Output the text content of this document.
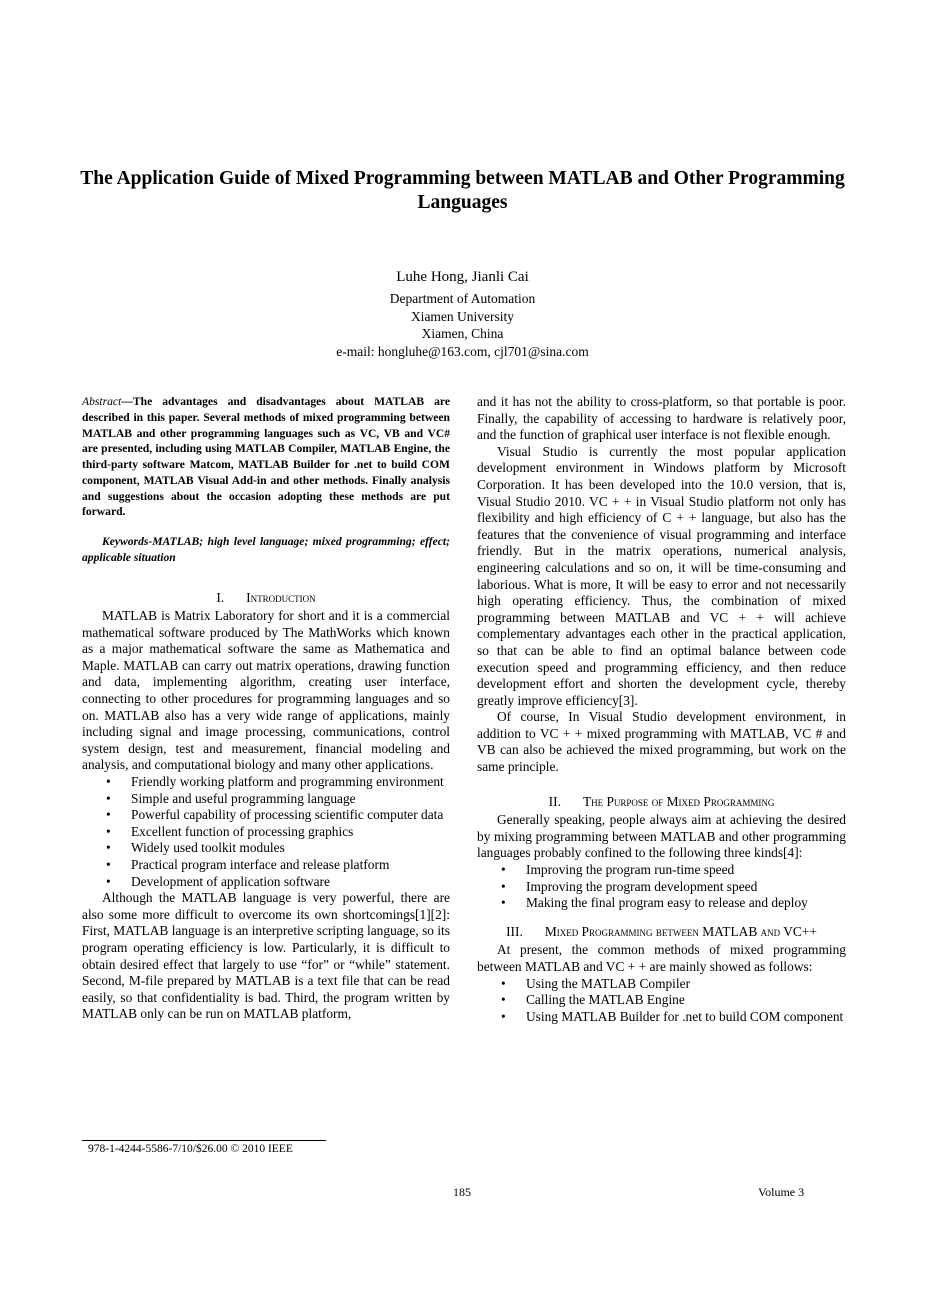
The Application Guide of Mixed Programming between MATLAB and Other Programming Languages
Luhe Hong, Jianli Cai
Department of Automation
Xiamen University
Xiamen, China
e-mail: hongluhe@163.com, cjl701@sina.com

Abstract—The advantages and disadvantages about MATLAB are described in this paper. Several methods of mixed programming between MATLAB and other programming languages such as VC, VB and VC# are presented, including using MATLAB Compiler, MATLAB Engine, the third-party software Matcom, MATLAB Builder for .net to build COM component, MATLAB Visual Add-in and other methods. Finally analysis and suggestions about the occasion adopting these methods are put forward.

Keywords-MATLAB; high level language; mixed programming; effect; applicable situation

I. Introduction

MATLAB is Matrix Laboratory for short and it is a commercial mathematical software produced by The MathWorks which known as a major mathematical software the same as Mathematica and Maple. MATLAB can carry out matrix operations, drawing function and data, implementing algorithm, creating user interface, connecting to other procedures for programming languages and so on. MATLAB also has a very wide range of applications, mainly including signal and image processing, communications, control system design, test and measurement, financial modeling and analysis, and computational biology and many other applications.

• Friendly working platform and programming environment
• Simple and useful programming language
• Powerful capability of processing scientific computer data
• Excellent function of processing graphics
• Widely used toolkit modules
• Practical program interface and release platform
• Development of application software

Although the MATLAB language is very powerful, there are also some more difficult to overcome its own shortcomings[1][2]: First, MATLAB language is an interpretive scripting language, so its program operating efficiency is low. Particularly, it is difficult to obtain desired effect that largely to use “for” or “while” statement. Second, M-file prepared by MATLAB is a text file that can be read easily, so that confidentiality is bad. Third, the program written by MATLAB only can be run on MATLAB platform,

and it has not the ability to cross-platform, so that portable is poor. Finally, the capability of accessing to hardware is relatively poor, and the function of graphical user interface is not flexible enough.

Visual Studio is currently the most popular application development environment in Windows platform by Microsoft Corporation. It has been developed into the 10.0 version, that is, Visual Studio 2010. VC + + in Visual Studio platform not only has flexibility and high efficiency of C + + language, but also has the features that the convenience of visual programming and interface friendly. But in the matrix operations, numerical analysis, engineering calculations and so on, it will be time-consuming and laborious. What is more, It will be easy to error and not necessarily high operating efficiency. Thus, the combination of mixed programming between MATLAB and VC + + will achieve complementary advantages each other in the practical application, so that can be able to find an optimal balance between code execution speed and programming efficiency, and then reduce development effort and shorten the development cycle, thereby greatly improve efficiency[3].

Of course, In Visual Studio development environment, in addition to VC + + mixed programming with MATLAB, VC # and VB can also be achieved the mixed programming, but work on the same principle.

II. The Purpose of Mixed Programming

Generally speaking, people always aim at achieving the desired by mixing programming between MATLAB and other programming languages probably confined to the following three kinds[4]:

• Improving the program run-time speed
• Improving the program development speed
• Making the final program easy to release and deploy
III. Mixed Programming between MATLAB and VC++

At present, the common methods of mixed programming between MATLAB and VC + + are mainly showed as follows:

• Using the MATLAB Compiler
• Calling the MATLAB Engine
• Using MATLAB Builder for .net to build COM component
978-1-4244-5586-7/10/$26.00 © 2010 IEEE
185	Volume 3
